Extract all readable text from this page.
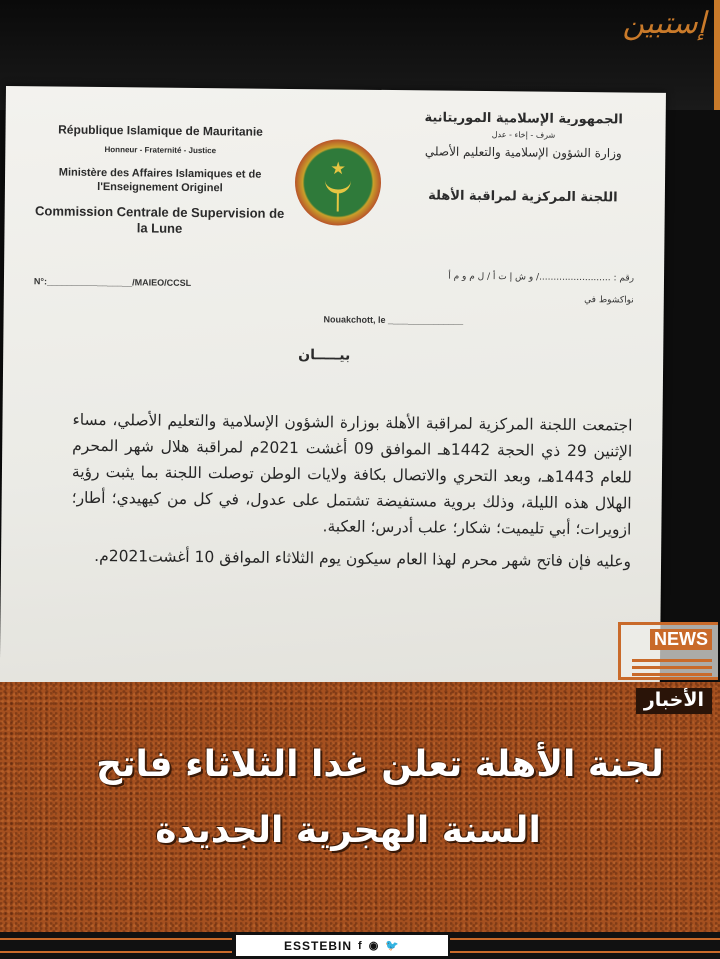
إستبين
République Islamique de Mauritanie
Honneur - Fraternité - Justice
Ministère des Affaires Islamiques et de l'Enseignement Originel
Commission Centrale de Supervision de la Lune
N°:_________________/MAIEO/CCSL
الجمهورية الإسلامية الموريتانية
شرف - إخاء - عدل
وزارة الشؤون الإسلامية والتعليم الأصلي
اللجنة المركزية لمراقبة الأهلة
رقم : ........................./ و ش إ ت أ / ل م و م أ
نواكشوط في
Nouakchott, le _______________
بيـــــان

اجتمعت اللجنة المركزية لمراقبة الأهلة بوزارة الشؤون الإسلامية والتعليم الأصلي، مساء الإثنين 29 ذي الحجة 1442هـ الموافق 09 أغشت 2021م لمراقبة هلال شهر المحرم للعام 1443هـ، وبعد التحري والاتصال بكافة ولايات الوطن توصلت اللجنة بما يثبت رؤية الهلال هذه الليلة، وذلك بروية مستفيضة تشتمل على عدول، في كل من كيهيدي؛ أطار؛ ازويرات؛ أبي تليميت؛ شكار؛ علب أدرس؛ العكبة.

وعليه فإن فاتح شهر محرم لهذا العام سيكون يوم الثلاثاء الموافق 10 أغشت2021م.

NEWS
الأخبار
لجنة الأهلة تعلن غدا الثلاثاء فاتح
السنة الهجرية الجديدة
ESSTEBIN f ◉ 🐦
